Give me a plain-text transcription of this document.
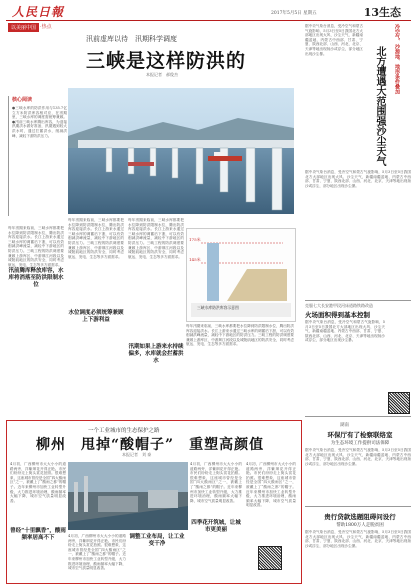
人民日報	2017年5月5日 星期五	13生态
以美丽中国 ·热点
汛前虚库以待　汛期科学调度
三峡是这样防洪的
本报记者　郝俊杰
核心阅读
●三峡水库的防洪作用与135.7亿立方米防洪库容相对应，在汛期里，三峡水库的调度需统筹兼顾。●汛前三峡水库腾出库容，为迎接汛期洪水做好准备，汛期遇到较大洪水时，通过拦蓄洪水，削减洪峰，减轻下游防洪压力。
每年汛期来临前，三峡水库都要把水位降到防洪限制水位，腾出防洪库容迎接洪水。长江上游来水通过三峡水库的调蓄后下泄，可以有效削减洪峰流量，减轻中下游地区的防洪压力。三峡工程的防洪调度要兼顾上游库区、中游荆江河段以及城陵矶地区的防洪安全，同时考虑航运、发电、生态等多方面需求。
汛前腾库释放库容，水库将消落至防洪限制水位
每年汛期来临前，三峡水库都要把水位降到防洪限制水位，腾出防洪库容迎接洪水。长江上游来水通过三峡水库的调蓄后下泄，可以有效削减洪峰流量，减轻中下游地区的防洪压力。三峡工程的防洪调度要兼顾上游库区、中游荆江河段以及城陵矶地区的防洪安全，同时考虑航运、发电、生态等多方面需求。
水位调度必须统筹兼顾上下游利益
每年汛期来临前，三峡水库都要把水位降到防洪限制水位，腾出防洪库容迎接洪水。长江上游来水通过三峡水库的调蓄后下泄，可以有效削减洪峰流量，减轻中下游地区的防洪压力。三峡工程的防洪调度要兼顾上游库区、中游荆江河段以及城陵矶地区的防洪安全，同时考虑航运、发电、生态等多方面需求。
汛期如果上游来水持续偏多，水库就会拦蓄洪水
175米
145米
三峡水库防洪库容示意图
每年汛期来临前，三峡水库都要把水位降到防洪限制水位，腾出防洪库容迎接洪水。长江上游来水通过三峡水库的调蓄后下泄，可以有效削减洪峰流量，减轻中下游地区的防洪压力。三峡工程的防洪调度要兼顾上游库区、中游荆江河段以及城陵矶地区的防洪安全，同时考虑航运、发电、生态等多方面需求。
据中央气象台消息，受冷空气和蒙古气旋影响，5月3日至5日我国北方大部地区出现大风、沙尘天气，新疆南疆盆地、内蒙古中西部、甘肃、宁夏、陕西北部、山西、河北、北京、天津等地出现扬沙或浮尘，部分地区出现沙尘暴。	北方遭遇大范围强沙尘天气	冷空气、沙源地、地形条件叠加
据中央气象台消息，受冷空气和蒙古气旋影响，5月3日至5日我国北方大部地区出现大风、沙尘天气，新疆南疆盆地、内蒙古中西部、甘肃、宁夏、陕西北部、山西、河北、北京、天津等地出现扬沙或浮尘，部分地区出现沙尘暴。
克服七大长安港甲段河床道路铁路改造
火场面积得到基本控制
据中央气象台消息，受冷空气和蒙古气旋影响，5月3日至5日我国北方大部地区出现大风、沙尘天气，新疆南疆盆地、内蒙古中西部、甘肃、宁夏、陕西北部、山西、河北、北京、天津等地出现扬沙或浮尘，部分地区出现沙尘暴。
湖南
环保厅有了检察联络室
为生态环境工作提供司法保障
据中央气象台消息，受冷空气和蒙古气旋影响，5月3日至5日我国北方大部地区出现大风、沙尘天气，新疆南疆盆地、内蒙古中西部、甘肃、宁夏、陕西北部、山西、河北、北京、天津等地出现扬沙或浮尘，部分地区出现沙尘暴。
贵行贷款选题阻碍问设行
帮助1800万人走脱贫困
据中央气象台消息，受冷空气和蒙古气旋影响，5月3日至5日我国北方大部地区出现大风、沙尘天气，新疆南疆盆地、内蒙古中西部、甘肃、宁夏、陕西北部、山西、河北、北京、天津等地出现扬沙或浮尘，部分地区出现沙尘暴。
一个工业城市的生态保护之路
柳州　甩掉“酸帽子”　重塑高颜值
本报记者　刘 泰
4月初，广西柳州市大大小小的道路两旁，洋紫荆花开得正艳。市民们纷纷走上街头赏花拍照。很难想象，这座城市曾经是全国“四大酸雨区”之一，被戴上了“酸雨之都”的帽子。近年来柳州市加快工业转型升级，大力推进环境治理，酸雨频率大幅下降，城市空气质量明显改善。
曾经“十里飘香”，酸雨频率居高不下	4月初，广西柳州市大大小小的道路两旁，洋紫荆花开得正艳。市民们纷纷走上街头赏花拍照。很难想象，这座城市曾经是全国“四大酸雨区”之一，被戴上了“酸雨之都”的帽子。近年来柳州市加快工业转型升级，大力推进环境治理，酸雨频率大幅下降，城市空气质量明显改善。
调整工业布局，让工业变干净
4月初，广西柳州市大大小小的道路两旁，洋紫荆花开得正艳。市民们纷纷走上街头赏花拍照。很难想象，这座城市曾经是全国“四大酸雨区”之一，被戴上了“酸雨之都”的帽子。近年来柳州市加快工业转型升级，大力推进环境治理，酸雨频率大幅下降，城市空气质量明显改善。
四季花开筑城，让城市更美丽
4月初，广西柳州市大大小小的道路两旁，洋紫荆花开得正艳。市民们纷纷走上街头赏花拍照。很难想象，这座城市曾经是全国“四大酸雨区”之一，被戴上了“酸雨之都”的帽子。近年来柳州市加快工业转型升级，大力推进环境治理，酸雨频率大幅下降，城市空气质量明显改善。
